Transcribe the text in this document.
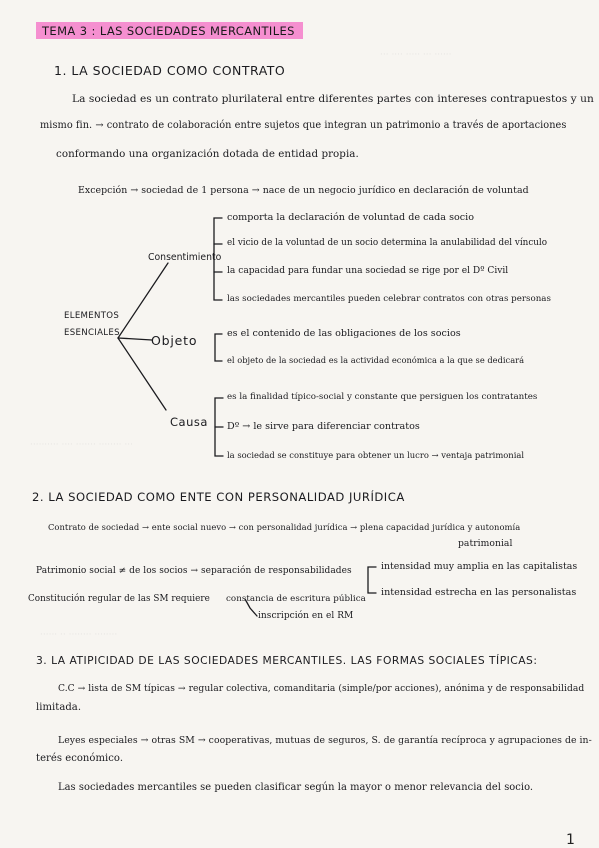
··· ···· ····· ··· ······
·········· ···· ······· ········ ···
······ ·· ········ ········
TEMA 3 : LAS SOCIEDADES MERCANTILES
1. LA SOCIEDAD COMO CONTRATO
La sociedad es un contrato plurilateral entre diferentes partes con intereses contrapuestos y un
mismo fin. → contrato de colaboración entre sujetos que integran un patrimonio a través de aportaciones
conformando una organización dotada de entidad propia.
Excepción → sociedad de 1 persona → nace de un negocio jurídico en declaración de voluntad
ELEMENTOS ESENCIALES
Consentimiento
Objeto
Causa
comporta la declaración de voluntad de cada socio
el vicio de la voluntad de un socio determina la anulabilidad del vínculo
la capacidad para fundar una sociedad se rige por el Dº Civil
las sociedades mercantiles pueden celebrar contratos con otras personas
es el contenido de las obligaciones de los socios
el objeto de la sociedad es la actividad económica a la que se dedicará
es la finalidad típico-social y constante que persiguen los contratantes
Dº → le sirve para diferenciar contratos
la sociedad se constituye para obtener un lucro → ventaja patrimonial
2. LA SOCIEDAD COMO ENTE CON PERSONALIDAD JURÍDICA
Contrato de sociedad → ente social nuevo → con personalidad jurídica → plena capacidad jurídica y autonomía
patrimonial
Patrimonio social ≠ de los socios → separación de responsabilidades	intensidad muy amplia en las capitalistas
intensidad estrecha en las personalistas
Constitución regular de las SM requiere constancia de escritura pública
inscripción en el RM
3. LA ATIPICIDAD DE LAS SOCIEDADES MERCANTILES. LAS FORMAS SOCIALES TÍPICAS:
C.C → lista de SM típicas → regular colectiva, comanditaria (simple/por acciones), anónima y de responsabilidad
limitada.
Leyes especiales → otras SM → cooperativas, mutuas de seguros, S. de garantía recíproca y agrupaciones de in-
terés económico.
Las sociedades mercantiles se pueden clasificar según la mayor o menor relevancia del socio.
1
